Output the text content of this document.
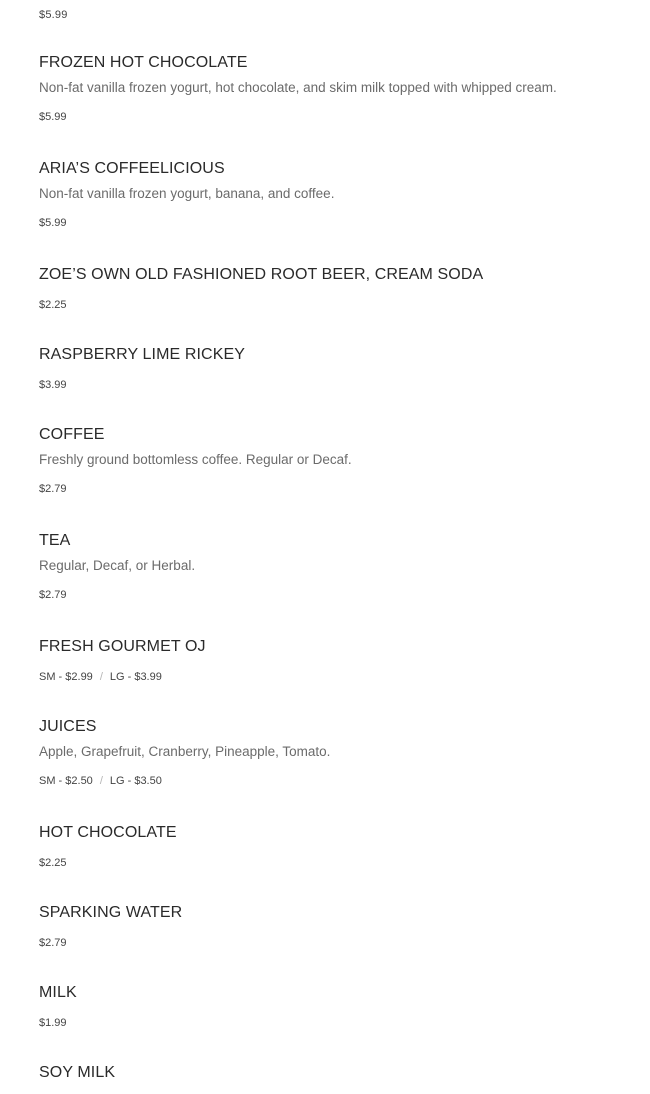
$5.99
FROZEN HOT CHOCOLATE
Non-fat vanilla frozen yogurt, hot chocolate, and skim milk topped with whipped cream.
$5.99
ARIA’S COFFEELICIOUS
Non-fat vanilla frozen yogurt, banana, and coffee.
$5.99
ZOE’S OWN OLD FASHIONED ROOT BEER, CREAM SODA
$2.25
RASPBERRY LIME RICKEY
$3.99
COFFEE
Freshly ground bottomless coffee. Regular or Decaf.
$2.79
TEA
Regular, Decaf, or Herbal.
$2.79
FRESH GOURMET OJ
SM - $2.99 / LG - $3.99
JUICES
Apple, Grapefruit, Cranberry, Pineapple, Tomato.
SM - $2.50 / LG - $3.50
HOT CHOCOLATE
$2.25
SPARKING WATER
$2.79
MILK
$1.99
SOY MILK
